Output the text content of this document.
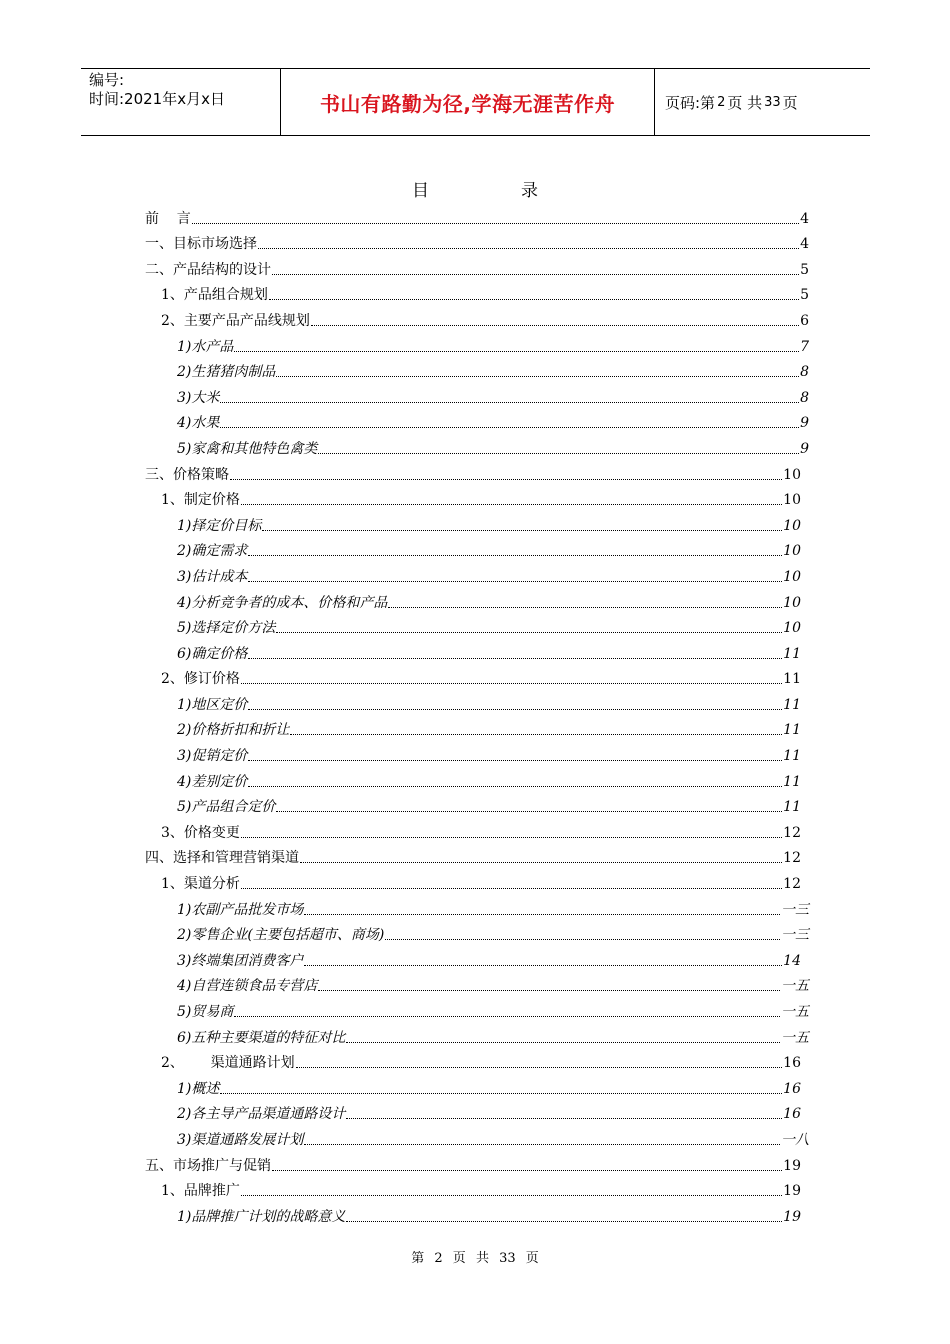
编号:
时间:2021年x月x日	书山有路勤为径,学海无涯苦作舟	页码:第 2 页 共 33 页
目	录
前    言	4
一、目标市场选择	4
二、产品结构的设计	5
1、产品组合规划	5
2、主要产品产品线规划	6
1)水产品	7
2)生猪猪肉制品	8
3)大米	8
4)水果	9
5)家禽和其他特色禽类	9
三、价格策略	10
1、制定价格	10
1)择定价目标	10
2)确定需求	10
3)估计成本	10
4)分析竞争者的成本、价格和产品	10
5)选择定价方法	10
6)确定价格	11
2、修订价格	11
1)地区定价	11
2)价格折扣和折让	11
3)促销定价	11
4)差别定价	11
5)产品组合定价	11
3、价格变更	12
四、选择和管理营销渠道	12
1、渠道分析	12
1)农副产品批发市场	一三
2)零售企业(主要包括超市、商场)	一三
3)终端集团消费客户	14
4)自营连锁食品专营店	一五
5)贸易商	一五
6)五种主要渠道的特征对比	一五
2、      渠道通路计划	16
1)概述	16
2)各主导产品渠道通路设计	16
3)渠道通路发展计划	一八
五、市场推广与促销	19
1、品牌推广	19
1)品牌推广计划的战略意义	19
第 2 页 共 33 页
